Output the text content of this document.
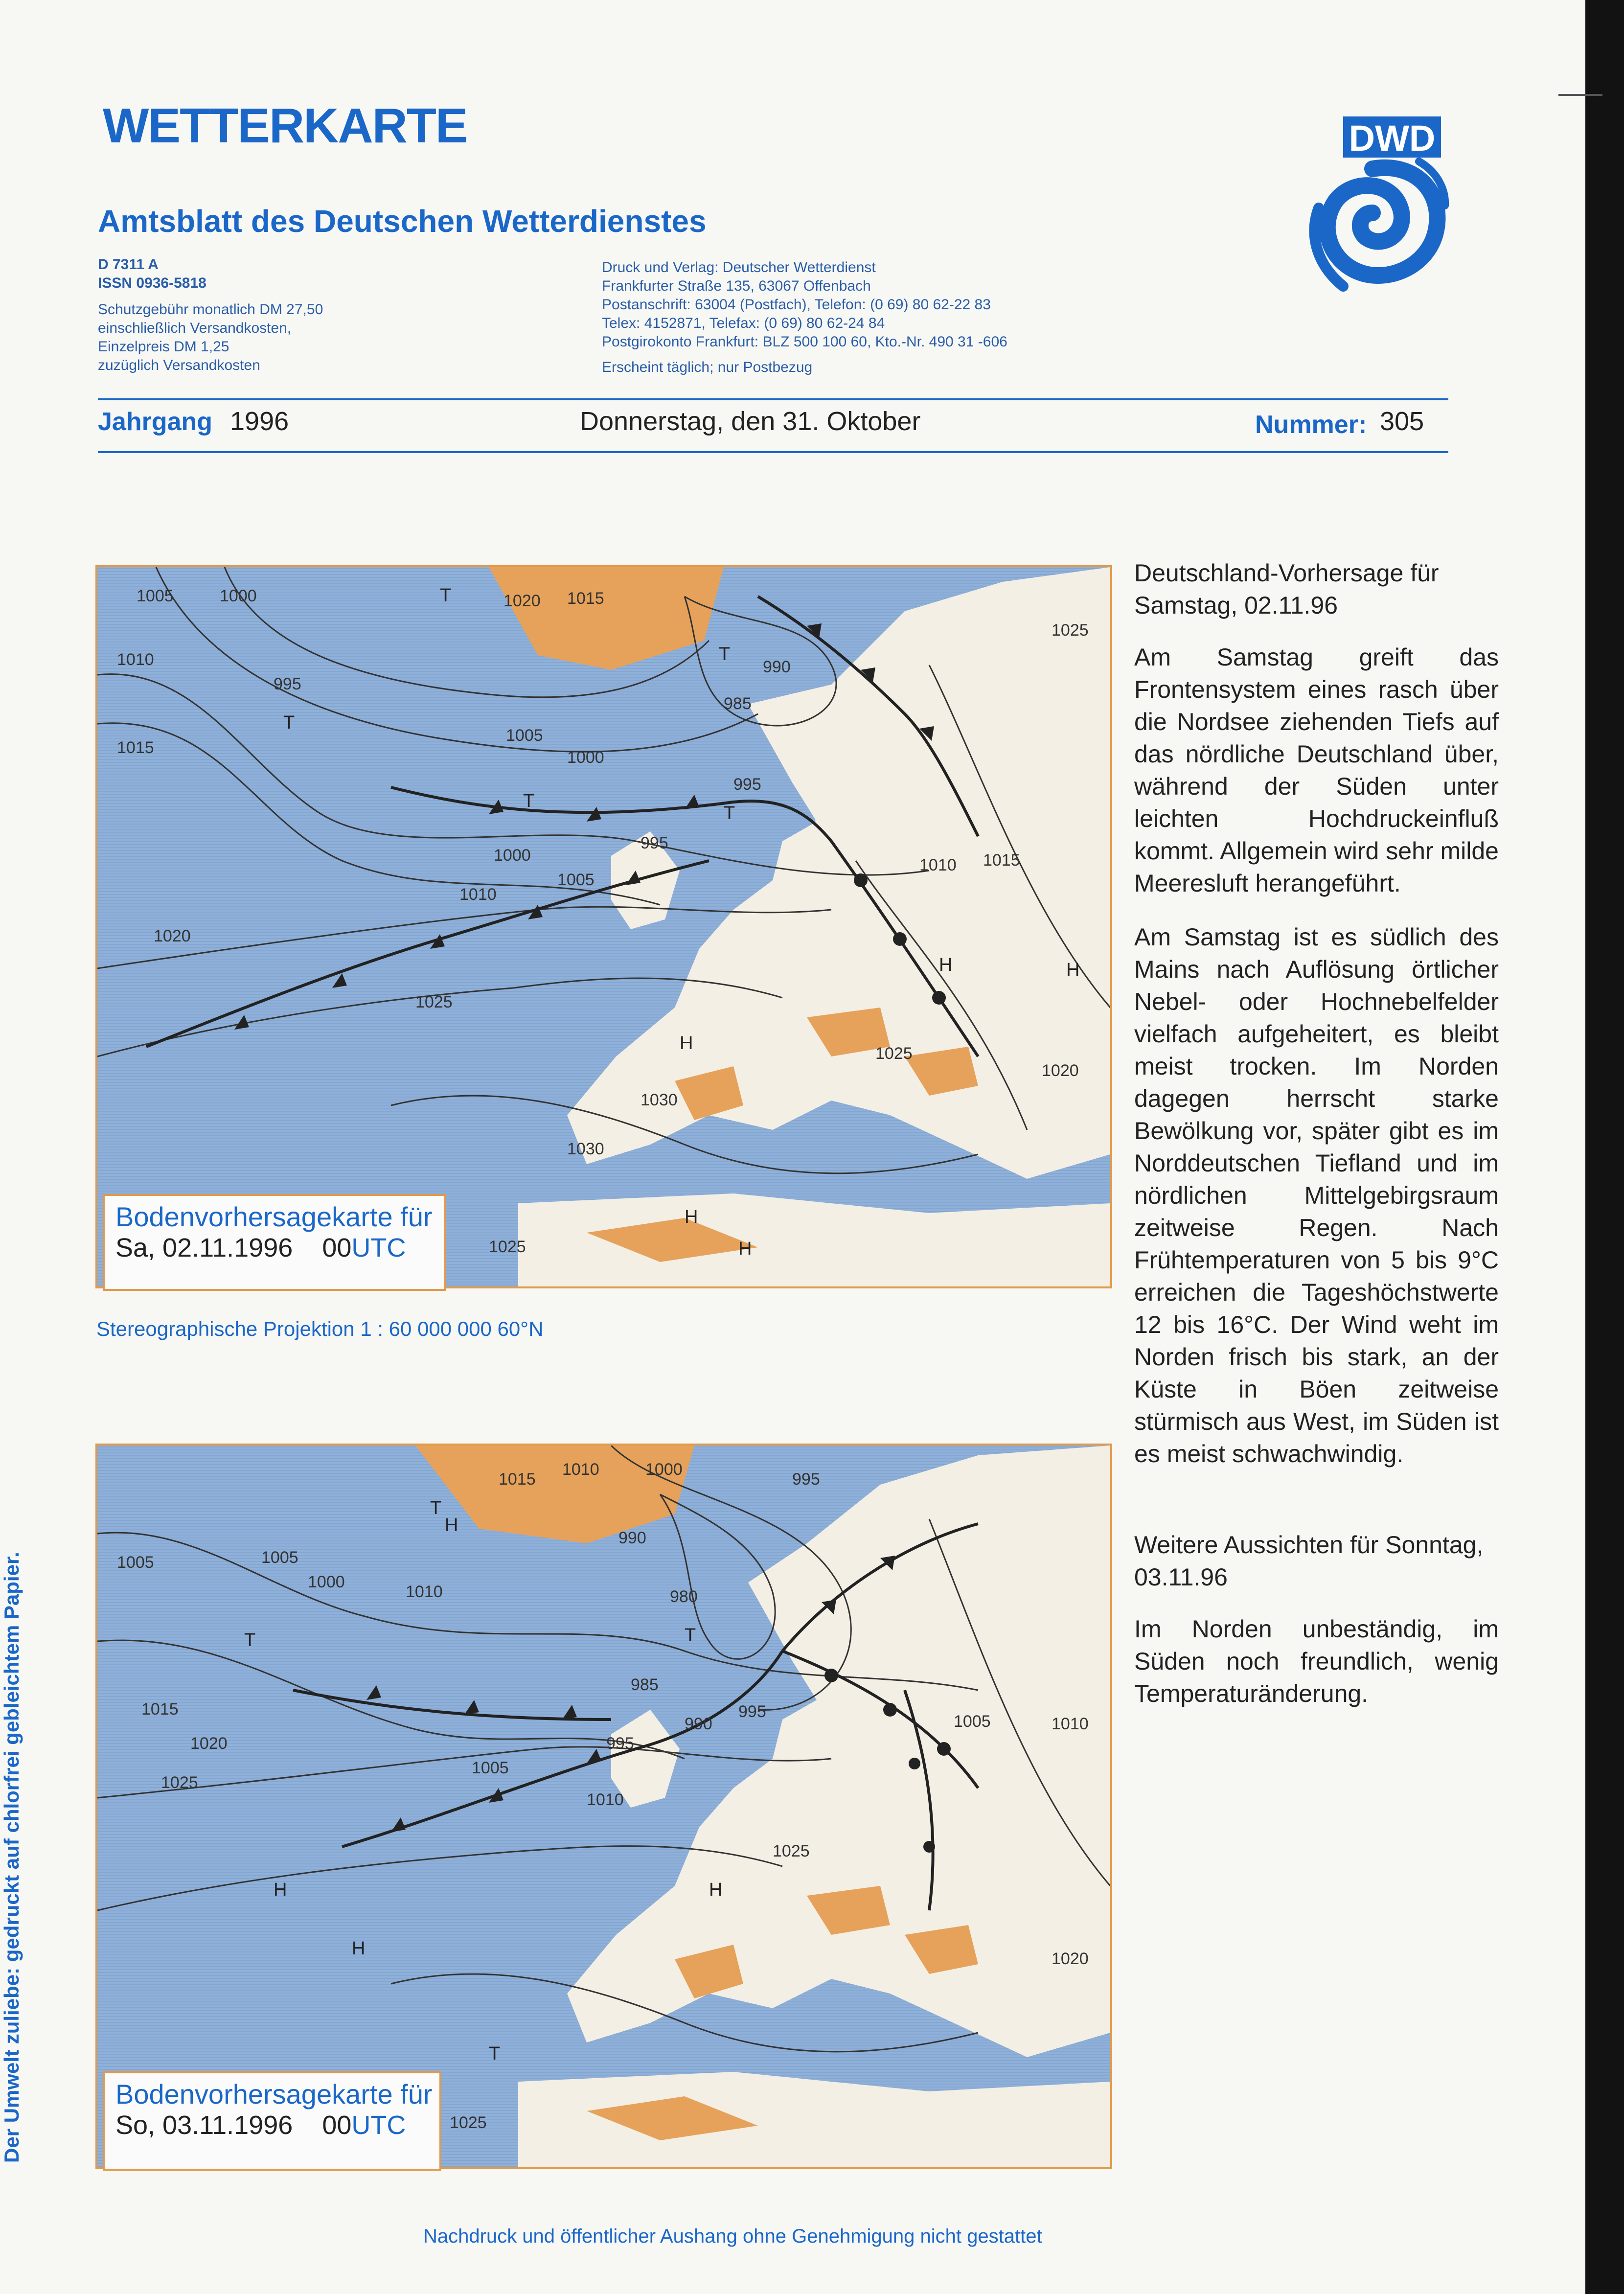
WETTERKARTE
Amtsblatt des Deutschen Wetterdienstes
D 7311 A
ISSN 0936-5818
Schutzgebühr monatlich DM 27,50
einschließlich Versandkosten,
Einzelpreis DM 1,25
zuzüglich Versandkosten
Druck und Verlag: Deutscher Wetterdienst
Frankfurter Straße 135, 63067 Offenbach
Postanschrift: 63004 (Postfach), Telefon: (0 69) 80 62-22 83
Telex: 4152871, Telefax: (0 69) 80 62-24 84
Postgirokonto Frankfurt: BLZ 500 100 60, Kto.-Nr. 490 31 -606
Erscheint täglich; nur Postbezug
DWD
Jahrgang 1996	Donnerstag, den 31. Oktober	Nummer: 305
1005	1000
1010
1015
995
1020 1015
990
985
1005
1000
995
1000
1010
1005
995
1020
1025
1030
1030
1025
1010 1015
1020
1025
1025
T
T
T
T
T
H
H	H
H
H
Bodenvorhersagekarte für
Sa, 02.11.1996 00UTC
Stereographische Projektion 1 : 60 000 000 60°N
1015
1010	1000
995
1005
1000
1010
990
980
985
1015
1020
1025
1005
995
990
995
1010
1005
1025
1005	1010
1020
1025
T
H
T	T
H
H
H
T
Bodenvorhersagekarte für
So, 03.11.1996 00UTC

Deutschland-Vorhersage für Samstag, 02.11.96

Am Samstag greift das Frontensystem eines rasch über die Nordsee ziehenden Tiefs auf das nördliche Deutschland über, während der Süden unter leichten Hochdruckeinfluß kommt. Allgemein wird sehr milde Meeresluft herangeführt.

Am Samstag ist es südlich des Mains nach Auflösung örtlicher Nebel- oder Hochnebelfelder vielfach aufgeheitert, es bleibt meist trocken. Im Norden dagegen herrscht starke Bewölkung vor, später gibt es im Norddeutschen Tiefland und im nördlichen Mittelgebirgsraum zeitweise Regen. Nach Frühtemperaturen von 5 bis 9°C erreichen die Tageshöchstwerte 12 bis 16°C. Der Wind weht im Norden frisch bis stark, an der Küste in Böen zeitweise stürmisch aus West, im Süden ist es meist schwachwindig.

Weitere Aussichten für Sonntag, 03.11.96

Im Norden unbeständig, im Süden noch freundlich, wenig Temperaturänderung.

Nachdruck und öffentlicher Aushang ohne Genehmigung nicht gestattet
Der Umwelt zuliebe: gedruckt auf chlorfrei gebleichtem Papier.
